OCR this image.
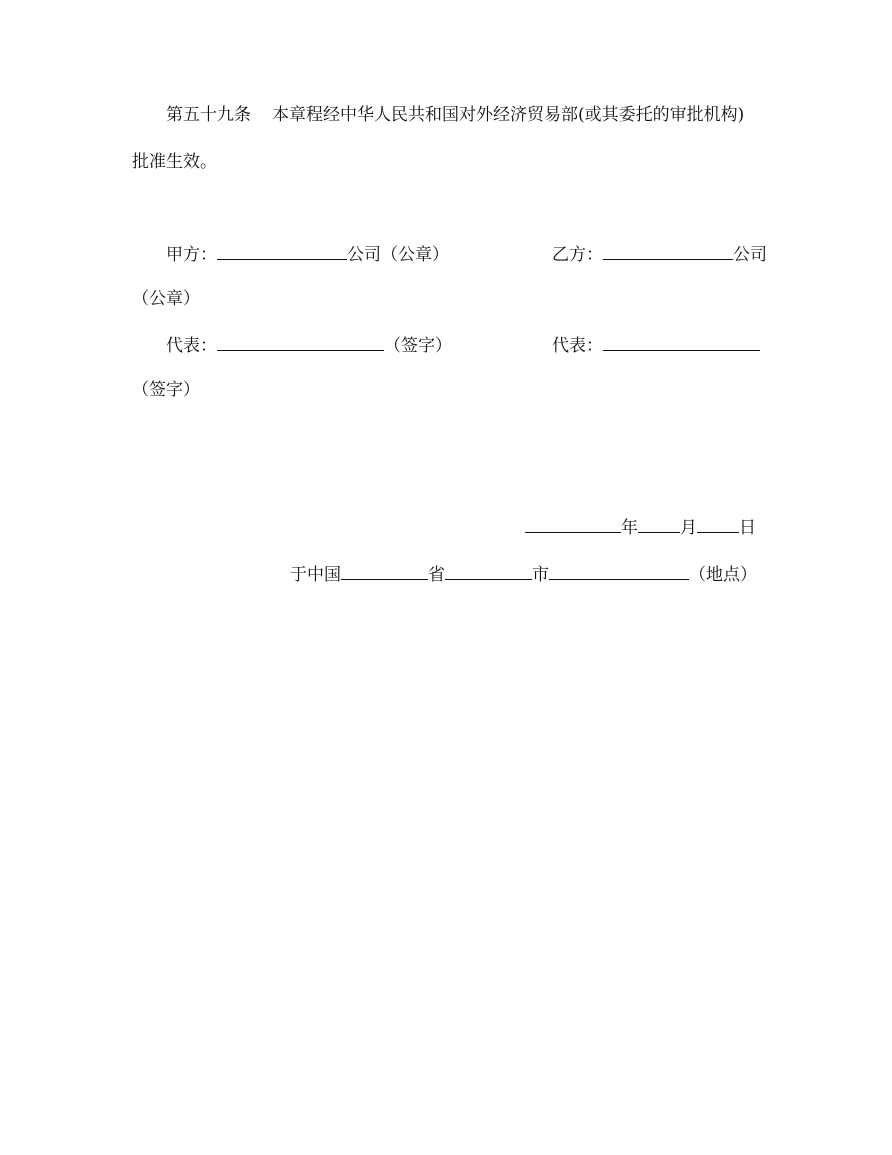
第五十九条 本章程经中华人民共和国对外经济贸易部(或其委托的审批机构)
批准生效。
甲方：	公司（公章）	乙方：	公司
（公章）
代表：	（签字）	代表：
（签字）
年 月 日
于中国	省	市	（地点）
